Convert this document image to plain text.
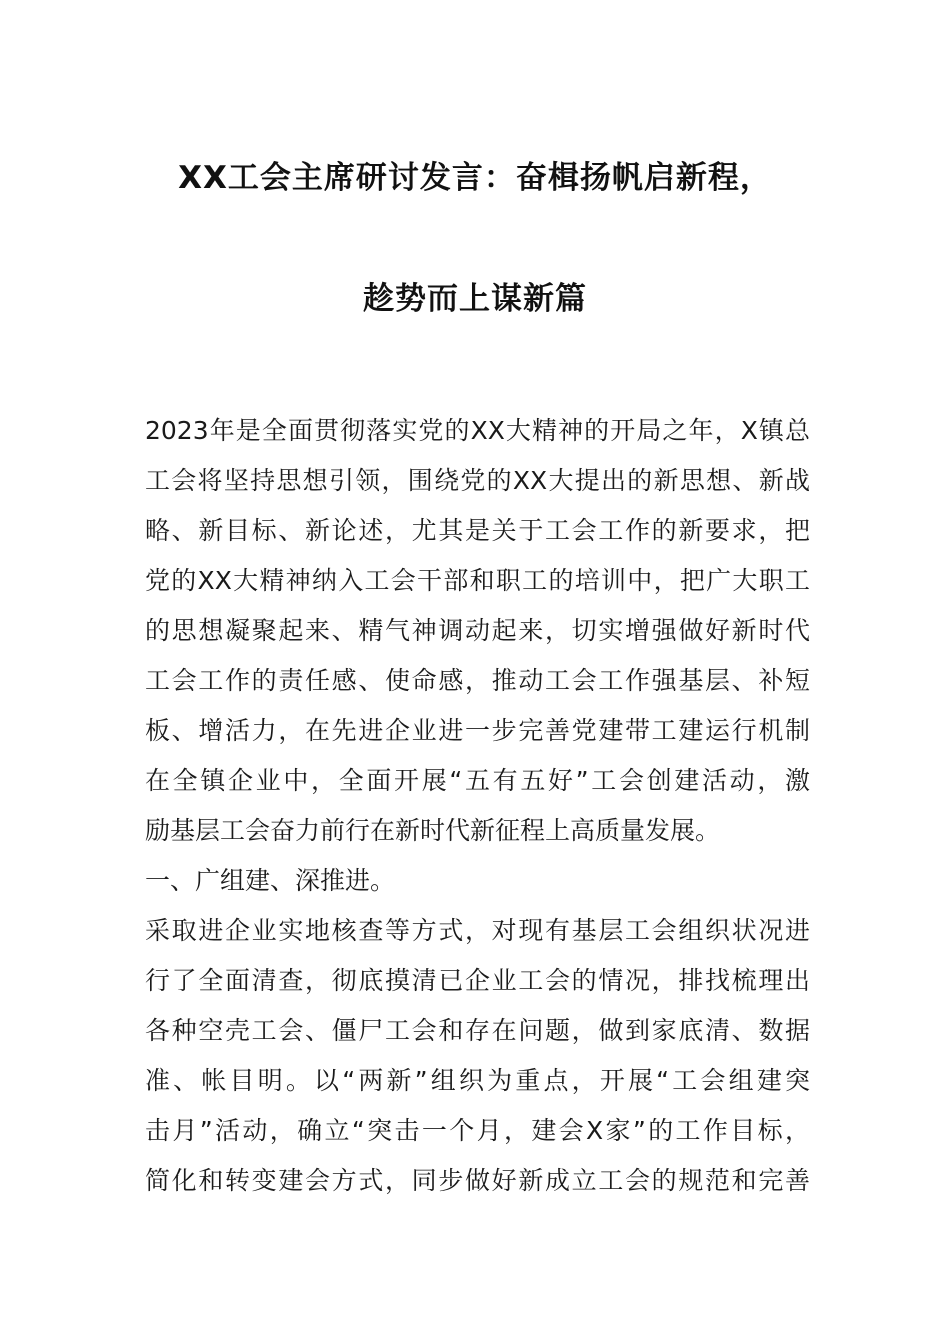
XX工会主席研讨发言：奋楫扬帆启新程，
趁势而上谋新篇
2023年是全面贯彻落实党的XX大精神的开局之年，X镇总
工会将坚持思想引领，围绕党的XX大提出的新思想、新战
略、新目标、新论述，尤其是关于工会工作的新要求，把
党的XX大精神纳入工会干部和职工的培训中，把广大职工
的思想凝聚起来、精气神调动起来，切实增强做好新时代
工会工作的责任感、使命感，推动工会工作强基层、补短
板、增活力，在先进企业进一步完善党建带工建运行机制
在全镇企业中，全面开展“五有五好”工会创建活动，激
励基层工会奋力前行在新时代新征程上高质量发展。
一、广组建、深推进。
采取进企业实地核查等方式，对现有基层工会组织状况进
行了全面清查，彻底摸清已企业工会的情况，排找梳理出
各种空壳工会、僵尸工会和存在问题，做到家底清、数据
准、帐目明。以“两新”组织为重点，开展“工会组建突
击月”活动，确立“突击一个月，建会X家”的工作目标，
简化和转变建会方式，同步做好新成立工会的规范和完善
